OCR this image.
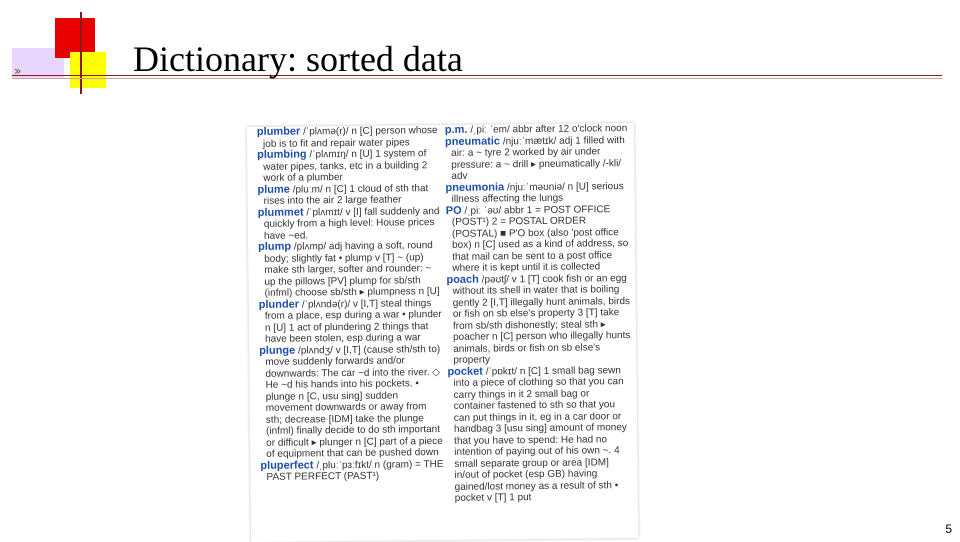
»	Dictionary: sorted data
plumber /ˈplʌmə(r)/ n [C] person whose job is to fit and repair water pipes
plumbing /ˈplʌmɪŋ/ n [U] 1 system of water pipes, tanks, etc in a building 2 work of a plumber
plume /pluːm/ n [C] 1 cloud of sth that rises into the air 2 large feather
plummet /ˈplʌmɪt/ v [I] fall suddenly and quickly from a high level: House prices have ~ed.
plump /plʌmp/ adj having a soft, round body; slightly fat • plump v [T] ~ (up) make sth larger, softer and rounder: ~ up the pillows [PV] plump for sb/sth (infml) choose sb/sth ▸ plumpness n [U]
plunder /ˈplʌndə(r)/ v [I,T] steal things from a place, esp during a war • plunder n [U] 1 act of plundering 2 things that have been stolen, esp during a war
plunge /plʌndʒ/ v [I,T] (cause sth/sth to) move suddenly forwards and/or downwards: The car ~d into the river. ◇ He ~d his hands into his pockets. • plunge n [C, usu sing] sudden movement downwards or away from sth; decrease [IDM] take the plunge (infml) finally decide to do sth important or difficult ▸ plunger n [C] part of a piece of equipment that can be pushed down
pluperfect /ˌpluːˈpɜːfɪkt/ n (gram) = THE PAST PERFECT (PAST¹)
p.m. /ˌpiː ˈem/ abbr after 12 o'clock noon
pneumatic /njuːˈmætɪk/ adj 1 filled with air: a ~ tyre 2 worked by air under pressure: a ~ drill ▸ pneumatically /-kli/ adv
pneumonia /njuːˈməʊniə/ n [U] serious illness affecting the lungs
PO /ˌpiː ˈəʊ/ abbr 1 = POST OFFICE (POST¹) 2 = POSTAL ORDER (POSTAL) ■ P'O box (also 'post office box) n [C] used as a kind of address, so that mail can be sent to a post office where it is kept until it is collected
poach /pəʊtʃ/ v 1 [T] cook fish or an egg without its shell in water that is boiling gently 2 [I,T] illegally hunt animals, birds or fish on sb else's property 3 [T] take from sb/sth dishonestly; steal sth ▸ poacher n [C] person who illegally hunts animals, birds or fish on sb else's property
pocket /ˈpɒkɪt/ n [C] 1 small bag sewn into a piece of clothing so that you can carry things in it 2 small bag or container fastened to sth so that you can put things in it, eg in a car door or handbag 3 [usu sing] amount of money that you have to spend: He had no intention of paying out of his own ~. 4 small separate group or area [IDM] in/out of pocket (esp GB) having gained/lost money as a result of sth • pocket v [T] 1 put
5
